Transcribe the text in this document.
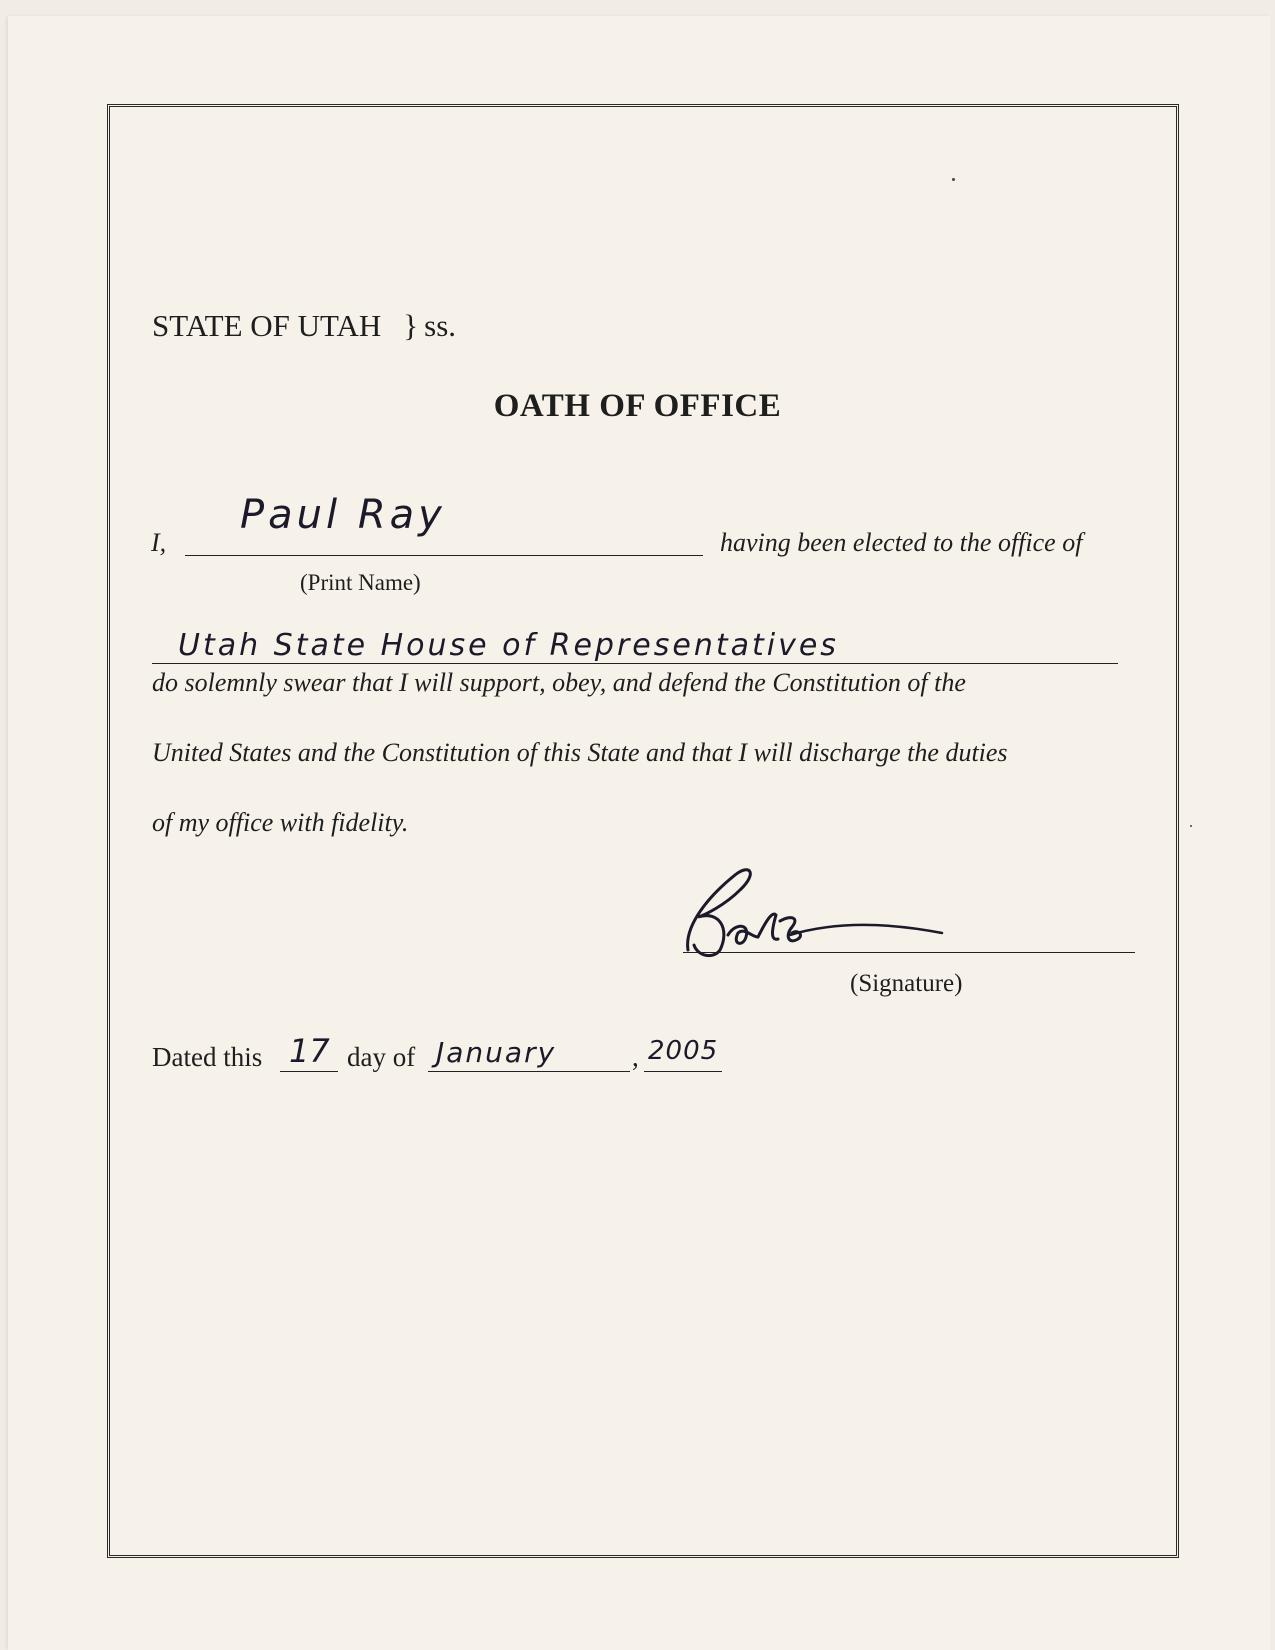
STATE OF UTAH } ss.
OATH OF OFFICE
I,
Paul Ray
having been elected to the office of
(Print Name)
Utah State House of Representatives
do solemnly swear that I will support, obey, and defend the Constitution of the
United States and the Constitution of this State and that I will discharge the duties
of my office with fidelity.
(Signature)
Dated this 17 day of January	, 2005
